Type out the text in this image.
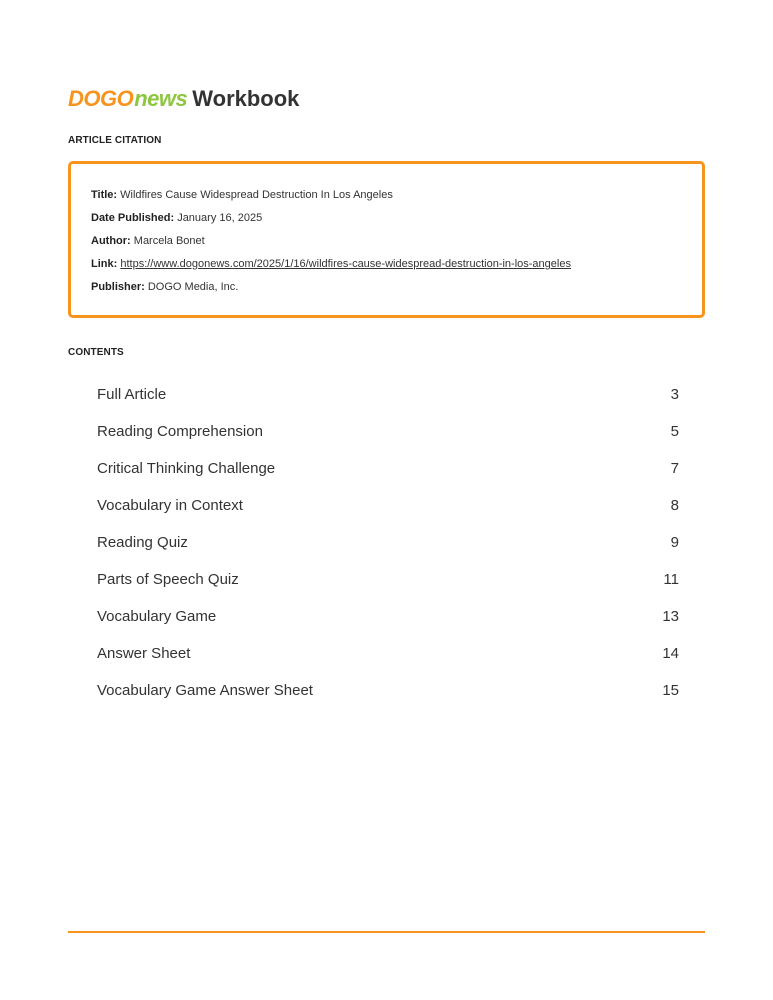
DOGO news Workbook
ARTICLE CITATION
Title: Wildfires Cause Widespread Destruction In Los Angeles
Date Published: January 16, 2025
Author: Marcela Bonet
Link: https://www.dogonews.com/2025/1/16/wildfires-cause-widespread-destruction-in-los-angeles
Publisher: DOGO Media, Inc.
CONTENTS
Full Article	3
Reading Comprehension	5
Critical Thinking Challenge	7
Vocabulary in Context	8
Reading Quiz	9
Parts of Speech Quiz	11
Vocabulary Game	13
Answer Sheet	14
Vocabulary Game Answer Sheet	15
